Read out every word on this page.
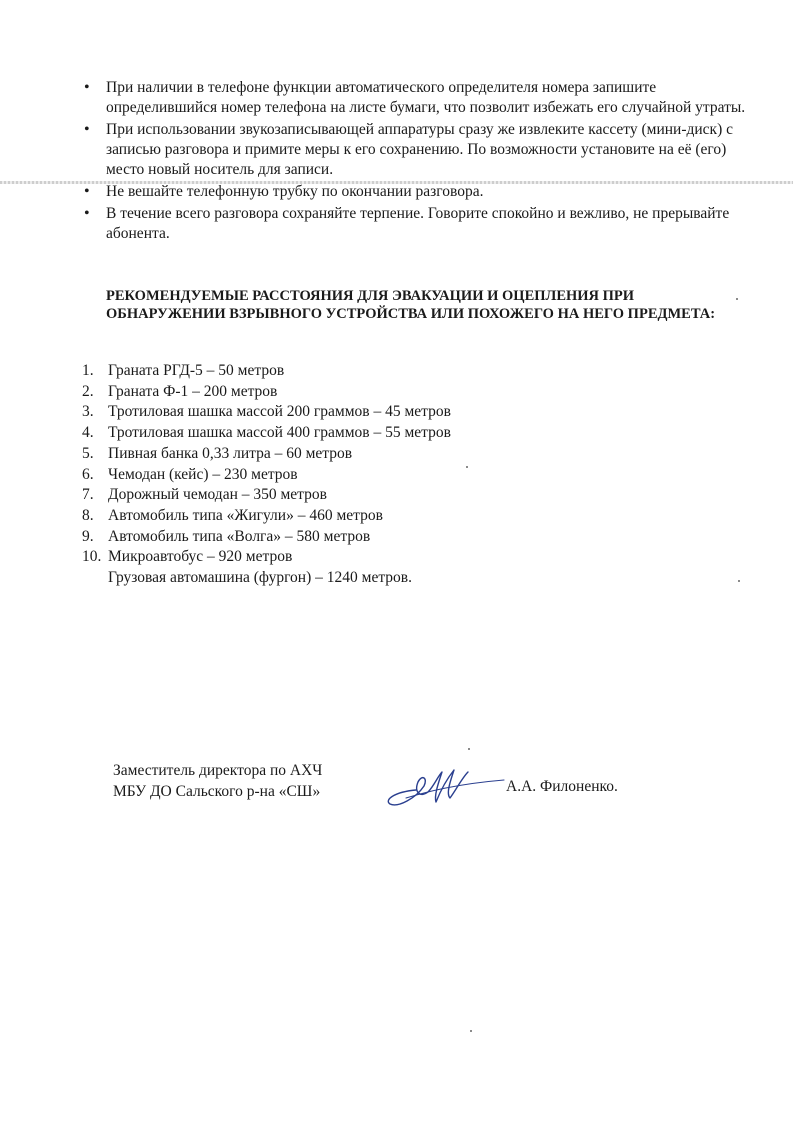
• При наличии в телефоне функции автоматического определителя номера запишите определившийся номер телефона на листе бумаги, что позволит избежать его случайной утраты.
• При использовании звукозаписывающей аппаратуры сразу же извлеките кассету (мини-диск) с записью разговора и примите меры к его сохранению. По возможности установите на её (его) место новый носитель для записи.
• Не вешайте телефонную трубку по окончании разговора.
• В течение всего разговора сохраняйте терпение. Говорите спокойно и вежливо, не прерывайте абонента.

РЕКОМЕНДУЕМЫЕ РАССТОЯНИЯ ДЛЯ ЭВАКУАЦИИ И ОЦЕПЛЕНИЯ ПРИ ОБНАРУЖЕНИИ ВЗРЫВНОГО УСТРОЙСТВА ИЛИ ПОХОЖЕГО НА НЕГО ПРЕДМЕТА:

1. Граната РГД-5 – 50 метров
2. Граната Ф-1 – 200 метров
3. Тротиловая шашка массой 200 граммов – 45 метров
4. Тротиловая шашка массой 400 граммов – 55 метров
5. Пивная банка 0,33 литра – 60 метров
6. Чемодан (кейс) – 230 метров
7. Дорожный чемодан – 350 метров
8. Автомобиль типа «Жигули» – 460 метров
9. Автомобиль типа «Волга» – 580 метров
10. Микроавтобус – 920 метров
Грузовая автомашина (фургон) – 1240 метров.
Заместитель директора по АХЧ
МБУ ДО Сальского р-на «СШ»	А.А. Филоненко.
